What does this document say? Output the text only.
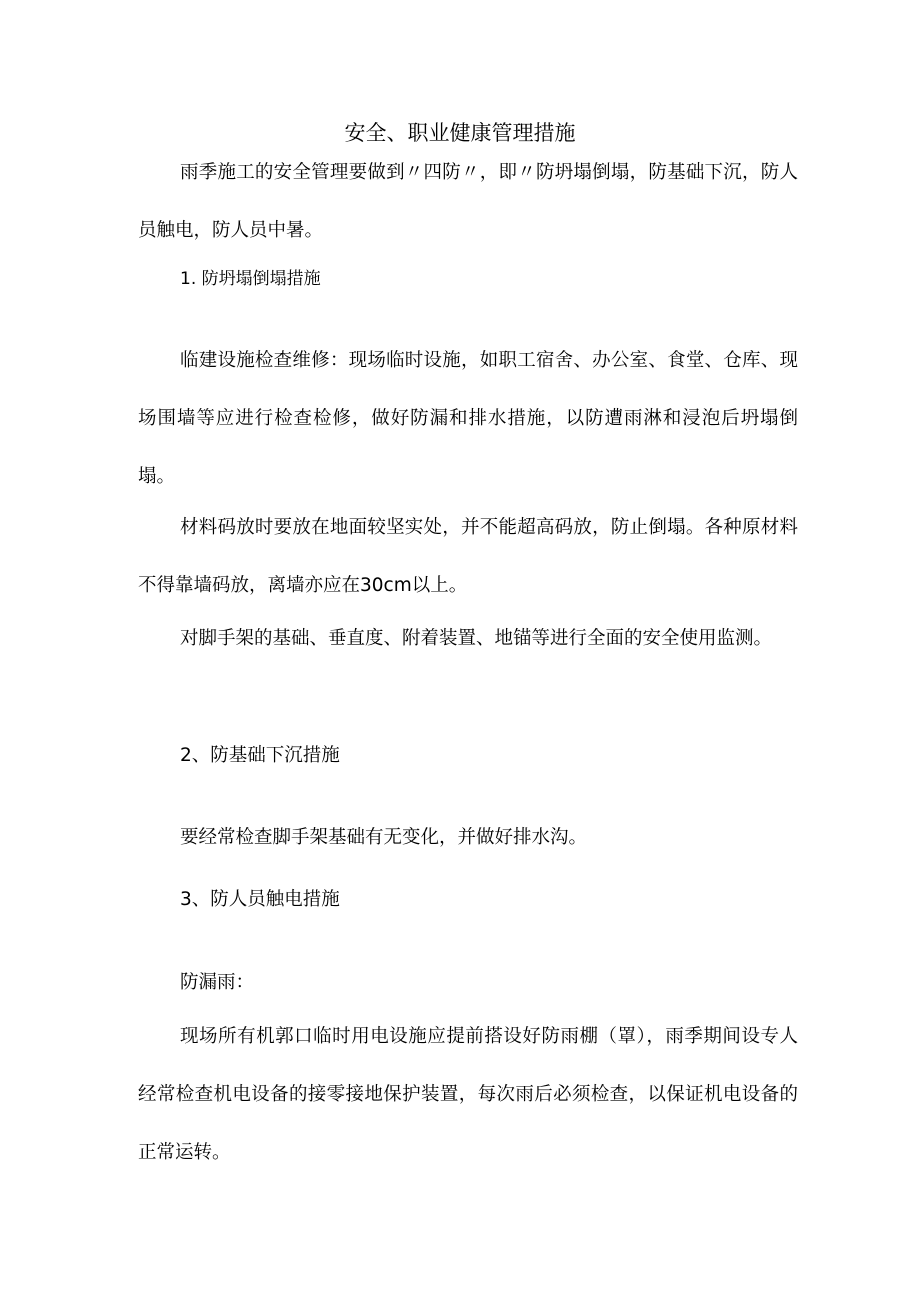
安全、职业健康管理措施

雨季施工的安全管理要做到〃四防〃，即〃防坍塌倒塌，防基础下沉，防人员触电，防人员中暑。

1. 防坍塌倒塌措施

临建设施检查维修：现场临时设施，如职工宿舍、办公室、食堂、仓库、现场围墙等应进行检查检修，做好防漏和排水措施，以防遭雨淋和浸泡后坍塌倒塌。

材料码放时要放在地面较坚实处，并不能超高码放，防止倒塌。各种原材料不得靠墙码放，离墙亦应在30cm以上。

对脚手架的基础、垂直度、附着装置、地锚等进行全面的安全使用监测。

2、防基础下沉措施

要经常检查脚手架基础有无变化，并做好排水沟。

3、防人员触电措施

防漏雨：

现场所有机郭口临时用电设施应提前搭设好防雨棚（罩），雨季期间设专人经常检查机电设备的接零接地保护装置，每次雨后必须检查，以保证机电设备的正常运转。
